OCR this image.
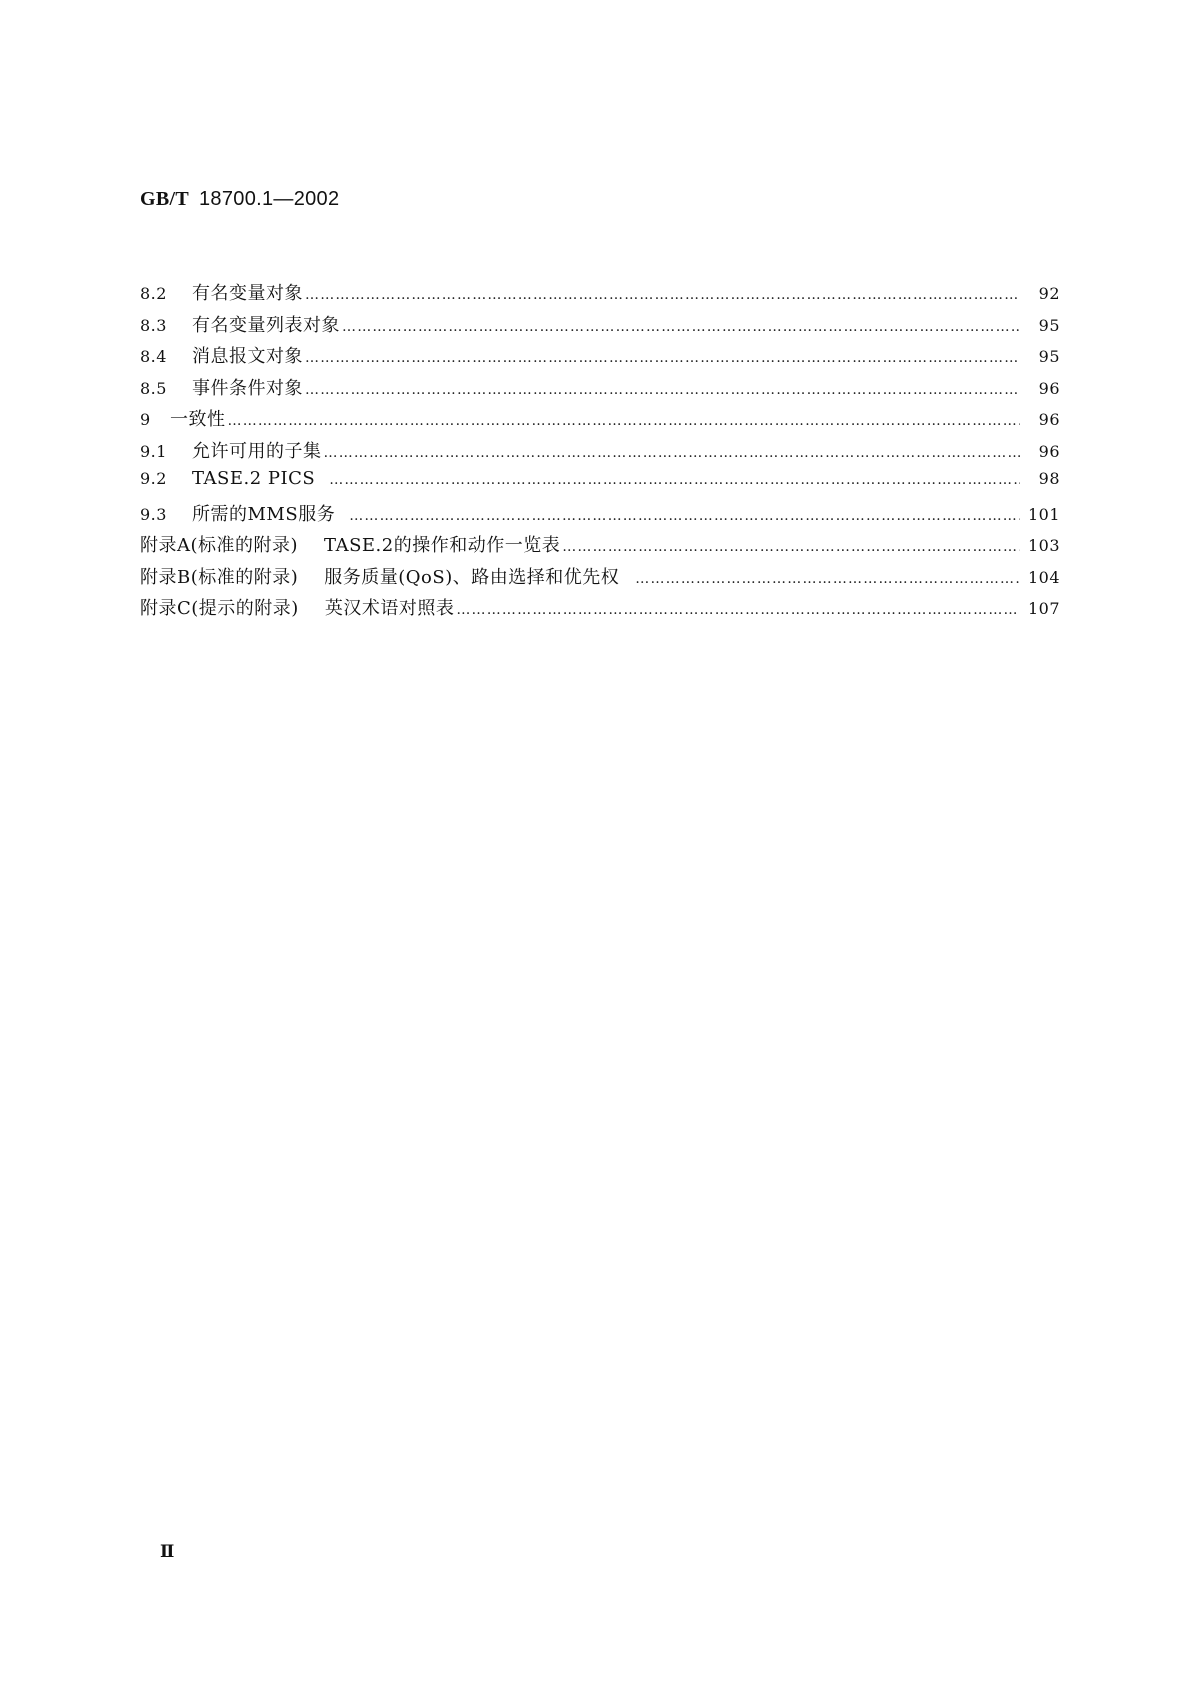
GB/T 18700.1—2002
8.2	有名变量对象 ……………………………………………………………………………………………………………………………………………………………………………………………………………………………………………………	92
8.3	有名变量列表对象 ……………………………………………………………………………………………………………………………………………………………………………………………………………………………………………………	95
8.4	消息报文对象 ……………………………………………………………………………………………………………………………………………………………………………………………………………………………………………………	95
8.5	事件条件对象 ……………………………………………………………………………………………………………………………………………………………………………………………………………………………………………………	96
9	一致性 ……………………………………………………………………………………………………………………………………………………………………………………………………………………………………………………	96
9.1	允许可用的子集 ……………………………………………………………………………………………………………………………………………………………………………………………………………………………………………………	96
9.2	TASE.2 PICS ……………………………………………………………………………………………………………………………………………………………………………………………………………………………………………………	98
9.3	所需的MMS服务 ……………………………………………………………………………………………………………………………………………………………………………………………………………………………………………………	101
附录A(标准的附录) TASE.2的操作和动作一览表 ……………………………………………………………………………………………………………………………………………………………………………………………………………………………………………………	103
附录B(标准的附录) 服务质量(QoS)、路由选择和优先权 ……………………………………………………………………………………………………………………………………………………………………………………………………………………………………………………	104
附录C(提示的附录) 英汉术语对照表 ……………………………………………………………………………………………………………………………………………………………………………………………………………………………………………………	107
Ⅱ
